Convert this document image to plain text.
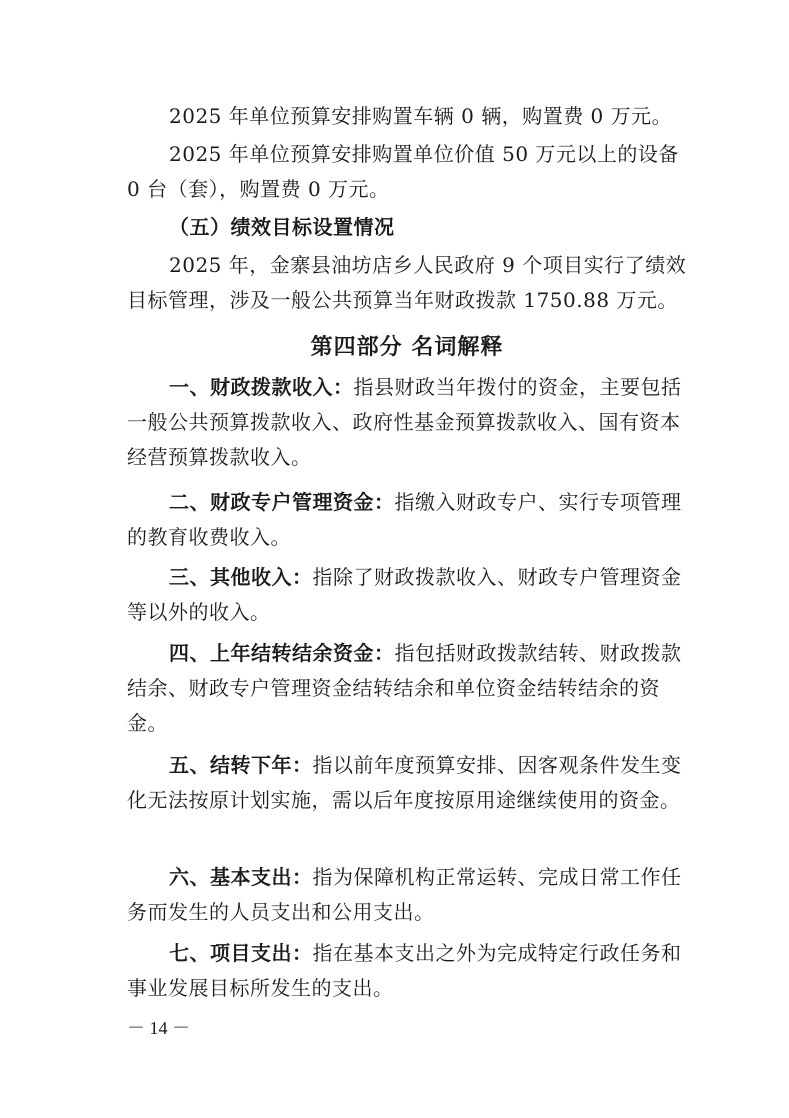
2025 年单位预算安排购置车辆 0 辆，购置费 0 万元。

2025 年单位预算安排购置单位价值 50 万元以上的设备 0 台（套），购置费 0 万元。

（五）绩效目标设置情况

2025 年，金寨县油坊店乡人民政府 9 个项目实行了绩效目标管理，涉及一般公共预算当年财政拨款 1750.88 万元。

第四部分 名词解释

一、财政拨款收入：指县财政当年拨付的资金，主要包括一般公共预算拨款收入、政府性基金预算拨款收入、国有资本经营预算拨款收入。

二、财政专户管理资金：指缴入财政专户、实行专项管理的教育收费收入。

三、其他收入：指除了财政拨款收入、财政专户管理资金等以外的收入。

四、上年结转结余资金：指包括财政拨款结转、财政拨款结余、财政专户管理资金结转结余和单位资金结转结余的资金。

五、结转下年：指以前年度预算安排、因客观条件发生变化无法按原计划实施，需以后年度按原用途继续使用的资金。

六、基本支出：指为保障机构正常运转、完成日常工作任务而发生的人员支出和公用支出。

七、项目支出：指在基本支出之外为完成特定行政任务和事业发展目标所发生的支出。

－ 14 －
